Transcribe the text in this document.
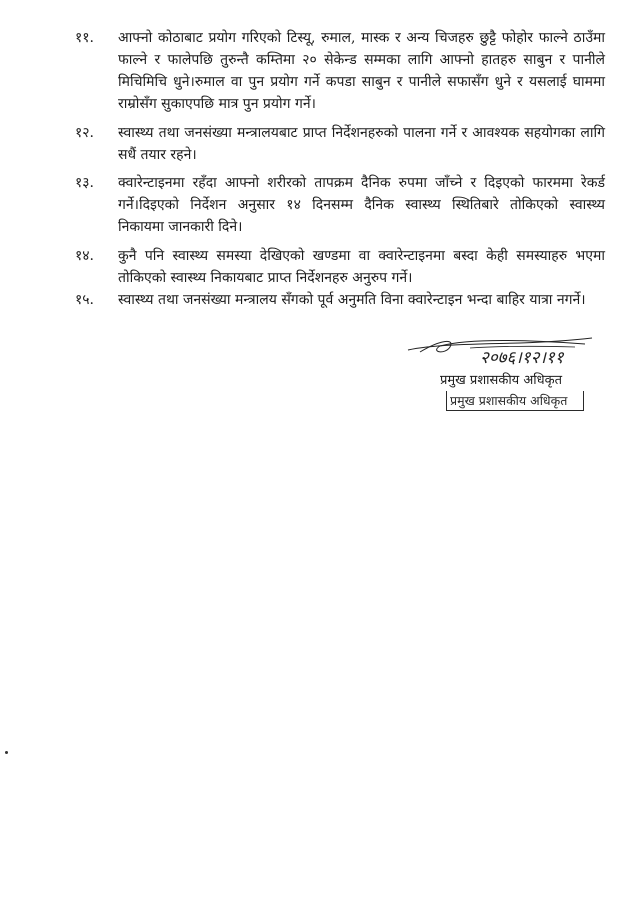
११.	आफ्नो कोठाबाट प्रयोग गरिएको टिस्यू, रुमाल, मास्क र अन्य चिजहरु छुट्टै फोहोर फाल्ने ठाउँमा
फाल्ने र फालेपछि तुरुन्तै कम्तिमा २० सेकेन्ड सम्मका लागि आफ्नो हातहरु साबुन र पानीले
मिचिमिचि धुने।रुमाल वा पुन प्रयोग गर्ने कपडा साबुन र पानीले सफासँग धुने र यसलाई घाममा
राम्रोसँग सुकाएपछि मात्र पुन प्रयोग गर्ने।
१२.	स्वास्थ्य तथा जनसंख्या मन्त्रालयबाट प्राप्त निर्देशनहरुको पालना गर्ने र आवश्यक सहयोगका लागि
सधैं तयार रहने।
१३.	क्वारेन्टाइनमा रहँदा आफ्नो शरीरको तापक्रम दैनिक रुपमा जाँच्ने र दिइएको फारममा रेकर्ड
गर्ने।दिइएको निर्देशन अनुसार १४ दिनसम्म दैनिक स्वास्थ्य स्थितिबारे तोकिएको स्वास्थ्य
निकायमा जानकारी दिने।
१४.	कुनै पनि स्वास्थ्य समस्या देखिएको खण्डमा वा क्वारेन्टाइनमा बस्दा केही समस्याहरु भएमा
तोकिएको स्वास्थ्य निकायबाट प्राप्त निर्देशनहरु अनुरुप गर्ने।
१५.	स्वास्थ्य तथा जनसंख्या मन्त्रालय सँगको पूर्व अनुमति विना क्वारेन्टाइन भन्दा बाहिर यात्रा नगर्ने।
२०७६।१२।११
प्रमुख प्रशासकीय अधिकृत
प्रमुख प्रशासकीय अधिकृत
